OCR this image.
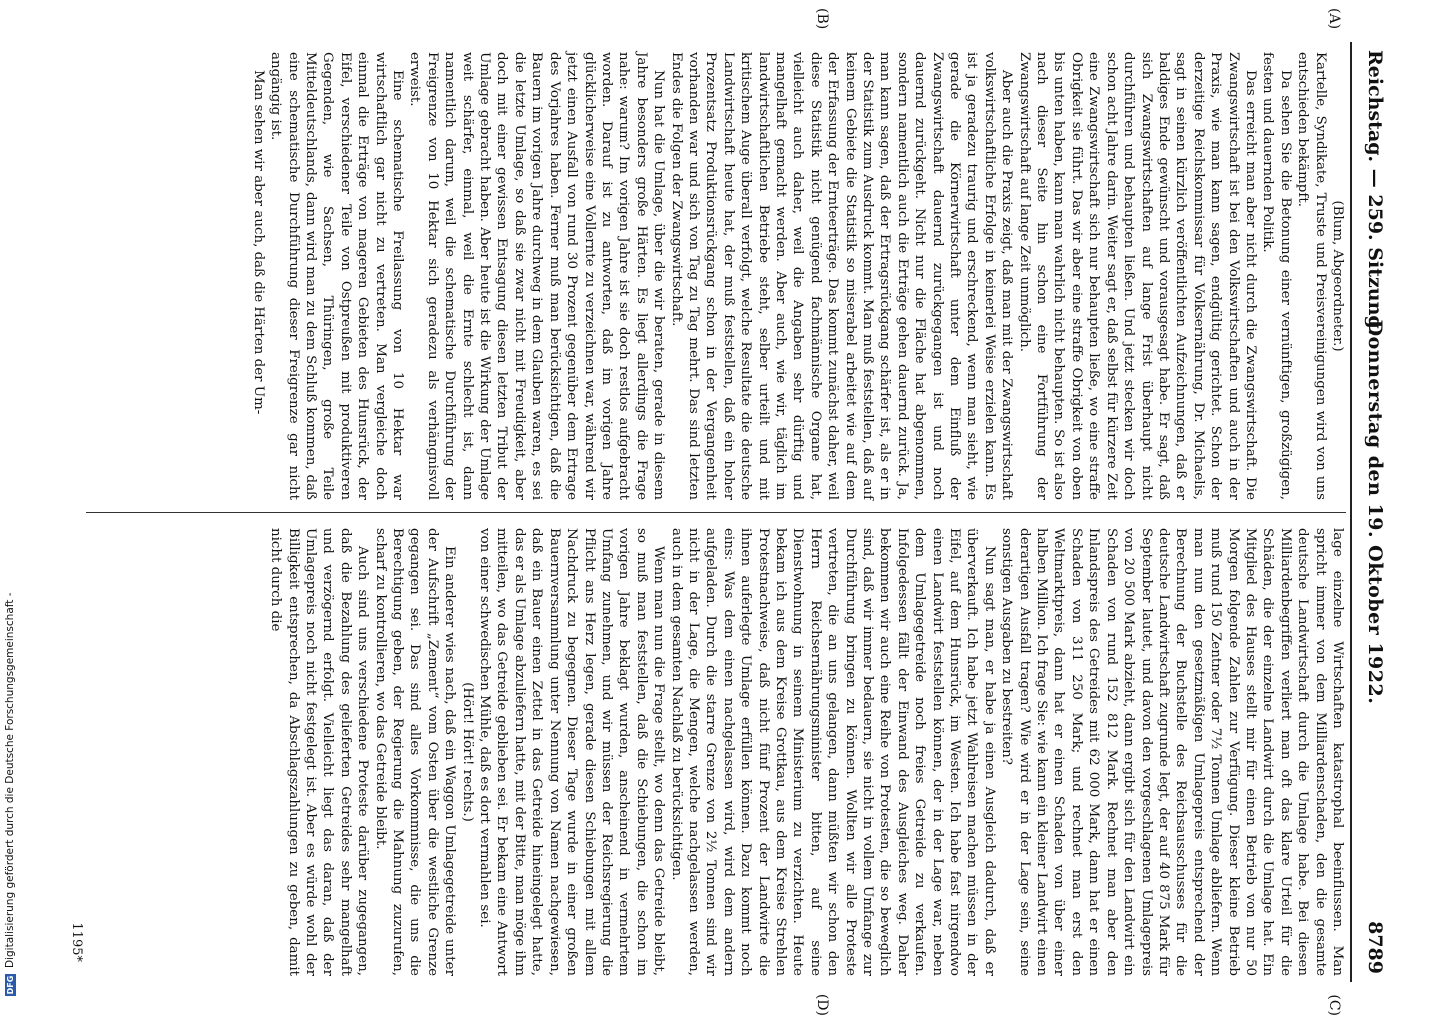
Reichstag. — 259. Sitzung.
Donnerstag den 19. Oktober 1922.
8789
(A)
(B)
(C)
(D)

(Blum, Abgeordneter.)

Kartelle, Syndikate, Truste und Preisvereinigungen wird von uns entschieden bekämpft.

Da sehen Sie die Betonung einer vernünftigen, großzügigen, festen und dauernden Politik.

Das erreicht man aber nicht durch die Zwangswirtschaft. Die Zwangswirtschaft ist bei den Volkswirtschaften und auch in der Praxis, wie man kann sagen, endgültig gerichtet. Schon der derzeitige Reichskommissar für Volksernährung, Dr. Michaelis, sagt in seinen kürzlich veröffentlichten Aufzeichnungen, daß er baldiges Ende gewünscht und vorausgesagt habe. Er sagt, daß sich Zwangswirtschaften auf lange Frist überhaupt nicht durchführen und behaupten ließen. Und jetzt stecken wir doch schon acht Jahre darin. Weiter sagt er, daß selbst für kürzere Zeit eine Zwangswirtschaft sich nur behaupten ließe, wo eine straffe Obrigkeit sie führt. Das wir aber eine straffe Obrigkeit von oben bis unten haben, kann man wahrlich nicht behaupten. So ist also nach dieser Seite hin schon eine Fortführung der Zwangswirtschaft auf lange Zeit unmöglich.

Aber auch die Praxis zeigt, daß man mit der Zwangswirtschaft volkswirtschaftliche Erfolge in keinerlei Weise erzielen kann. Es ist ja geradezu traurig und erschreckend, wenn man sieht, wie gerade die Körnerwirtschaft unter dem Einfluß der Zwangswirtschaft dauernd zurückgegangen ist und noch dauernd zurückgeht. Nicht nur die Fläche hat abgenommen, sondern namentlich auch die Erträge gehen dauernd zurück. Ja, man kann sagen, daß der Ertragsrückgang schärfer ist, als er in der Statistik zum Ausdruck kommt. Man muß feststellen, daß auf keinem Gebiete die Statistik so miserabel arbeitet wie auf dem der Erfassung der Ernteerträge. Das kommt zunächst daher, weil diese Statistik nicht genügend fachmännische Organe hat, vielleicht auch daher, weil die Angaben sehr dürftig und mangelhaft gemacht werden. Aber auch, wie wir, täglich im landwirtschaftlichen Betriebe steht, selber urteilt und mit kritischem Auge überall verfolgt, welche Resultate die deutsche Landwirtschaft heute hat, der muß feststellen, daß ein hoher Prozentsatz Produktionsrückgang schon in der Vergangenheit vorhanden war und sich von Tag zu Tag mehrt. Das sind letzten Endes die Folgen der Zwangswirtschaft.

Nun hat die Umlage, über die wir beraten, gerade in diesem Jahre besonders große Härten. Es liegt allerdings die Frage nahe: warum? Im vorigen Jahre ist sie doch restlos aufgebracht worden. Darauf ist zu antworten, daß im vorigen Jahre glücklicherweise eine Vollernte zu verzeichnen war, während wir jetzt einen Ausfall von rund 30 Prozent gegenüber dem Ertrage des Vorjahres haben. Ferner muß man berücksichtigen, daß die Bauern im vorigen Jahre durchweg in dem Glauben waren, es sei die letzte Umlage, so daß sie zwar nicht mit Freudigkeit, aber doch mit einer gewissen Entsagung diesen letzten Tribut der Umlage gebracht haben. Aber heute ist die Wirkung der Umlage weit schärfer, einmal, weil die Ernte schlecht ist, dann namentlich darum, weil die schematische Durchführung der Freigrenze von 10 Hektar sich geradezu als verhängnisvoll erweist.

Eine schematische Freilassung von 10 Hektar war wirtschaftlich gar nicht zu vertreten. Man vergleiche doch einmal die Erträge von mageren Gebieten des Hunsrück, der Eifel, verschiedener Teile von Ostpreußen mit produktiveren Gegenden, wie Sachsen, Thüringen, große Teile Mitteldeutschlands, dann wird man zu dem Schluß kommen, daß eine schematische Durchführung dieser Freigrenze gar nicht angängig ist.

Man sehen wir aber auch, daß die Härten der Um-

lage einzelne Wirtschaften katastrophal beeinflussen. Man spricht immer von dem Milliardenschaden, den die gesamte deutsche Landwirtschaft durch die Umlage habe. Bei diesen Milliardenbegriffen verliert man oft das klare Urteil für die Schäden, die der einzelne Landwirt durch die Umlage hat. Ein Mitglied des Hauses stellt mir für einen Betrieb von nur 50 Morgen folgende Zahlen zur Verfügung. Dieser kleine Betrieb muß rund 150 Zentner oder 7½ Tonnen Umlage abliefern. Wenn man nun den gesetzmäßigen Umlagepreis entsprechend der Berechnung der Buchstelle des Reichsausschusses für die deutsche Landwirtschaft zugrunde legt, der auf 40 875 Mark für September lautet, und davon den vorgeschlagenen Umlagepreis von 20 500 Mark abzieht, dann ergibt sich für den Landwirt ein Schaden von rund 152 812 Mark. Rechnet man aber den Inlandspreis des Getreides mit 62 000 Mark, dann hat er einen Schaden von 311 250 Mark; und rechnet man erst den Weltmarktpreis, dann hat er einen Schaden von über einer halben Million. Ich frage Sie: wie kann ein kleiner Landwirt einen derartigen Ausfall tragen? Wie wird er in der Lage sein, seine sonstigen Ausgaben zu bestreiten?

Nun sagt man, er habe ja einen Ausgleich dadurch, daß er überverkauft. Ich habe jetzt Wahlreisen machen müssen in der Eifel, auf dem Hunsrück, im Westen. Ich habe fast nirgendwo einen Landwirt feststellen können, der in der Lage war, neben dem Umlagegetreide noch freies Getreide zu verkaufen. Infolgedessen fällt der Einwand des Ausgleiches weg. Daher bekommen wir auch eine Reihe von Protesten, die so beweglich sind, daß wir immer bedauern, sie nicht in vollem Umfange zur Durchführung bringen zu können. Wollten wir alle Proteste vertreten, die an uns gelangen, dann müßten wir schon den Herrn Reichsernährungsminister bitten, auf seine Dienstwohnung in seinem Ministerium zu verzichten. Heute bekam ich aus dem Kreise Grottkau, aus dem Kreise Strehlen Protestnachweise, daß nicht fünf Prozent der Landwirte die ihnen auferlegte Umlage erfüllen können. Dazu kommt noch eins: Was dem einen nachgelassen wird, wird dem andern aufgeladen. Durch die starre Grenze von 2½ Tonnen sind wir nicht in der Lage, die Mengen, welche nachgelassen werden, auch in dem gesamten Nachlaß zu berücksichtigen.

Wenn man nun die Frage stellt, wo denn das Getreide bleibt, so muß man feststellen, daß die Schiebungen, die schon im vorigen Jahre beklagt wurden, anscheinend in vermehrtem Umfang zunehmen, und wir müssen der Reichsregierung die Pflicht ans Herz legen, gerade diesen Schiebungen mit allem Nachdruck zu begegnen. Dieser Tage wurde in einer großen Bauernversammlung unter Nennung von Namen nachgewiesen, daß ein Bauer einen Zettel in das Getreide hineingelegt hatte, das er als Umlage abzuliefern hatte, mit der Bitte, man möge ihm mitteilen, wo das Getreide geblieben sei. Er bekam eine Antwort von einer schwedischen Mühle, daß es dort vermahlen sei.

(Hört! Hört! rechts.)

Ein anderer wies nach, daß ein Waggon Umlagegetreide unter der Aufschrift „Zement“ vom Osten über die westliche Grenze gegangen sei. Das sind alles Vorkommnisse, die uns die Berechtigung geben, der Regierung die Mahnung zuzurufen, scharf zu kontrollieren, wo das Getreide bleibt.

Auch sind uns verschiedene Proteste darüber zugegangen, daß die Bezahlung des gelieferten Getreides sehr mangelhaft und verzögernd erfolgt. Vielleicht liegt das daran, daß der Umlagepreis noch nicht festgelegt ist. Aber es würde wohl der Billigkeit entsprechen, da Abschlagszahlungen zu geben, damit nicht durch die

1195*
DFGDigitalisierung gefördert durch die Deutsche Forschungsgemeinschaft -
